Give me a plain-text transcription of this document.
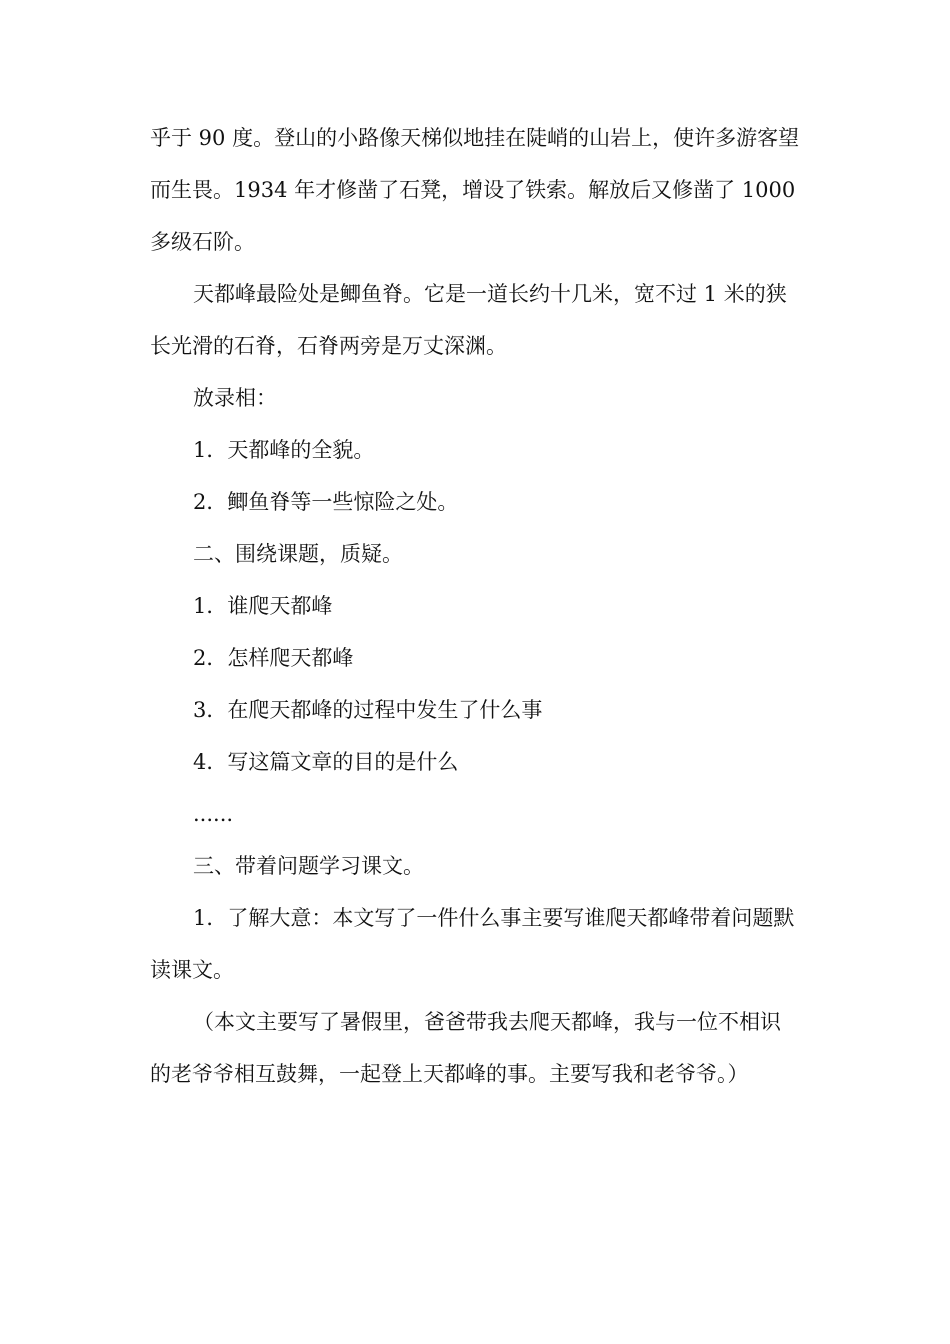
乎于 90 度。登山的小路像天梯似地挂在陡峭的山岩上，使许多游客望而生畏。1934 年才修凿了石凳，增设了铁索。解放后又修凿了 1000 多级石阶。

天都峰最险处是鲫鱼脊。它是一道长约十几米，宽不过 1 米的狭长光滑的石脊，石脊两旁是万丈深渊。

放录相：

1．天都峰的全貌。

2．鲫鱼脊等一些惊险之处。

二、围绕课题，质疑。

1．谁爬天都峰

2．怎样爬天都峰

3．在爬天都峰的过程中发生了什么事

4．写这篇文章的目的是什么

......

三、带着问题学习课文。

1．了解大意：本文写了一件什么事主要写谁爬天都峰带着问题默读课文。

（本文主要写了暑假里，爸爸带我去爬天都峰，我与一位不相识的老爷爷相互鼓舞，一起登上天都峰的事。主要写我和老爷爷。）
